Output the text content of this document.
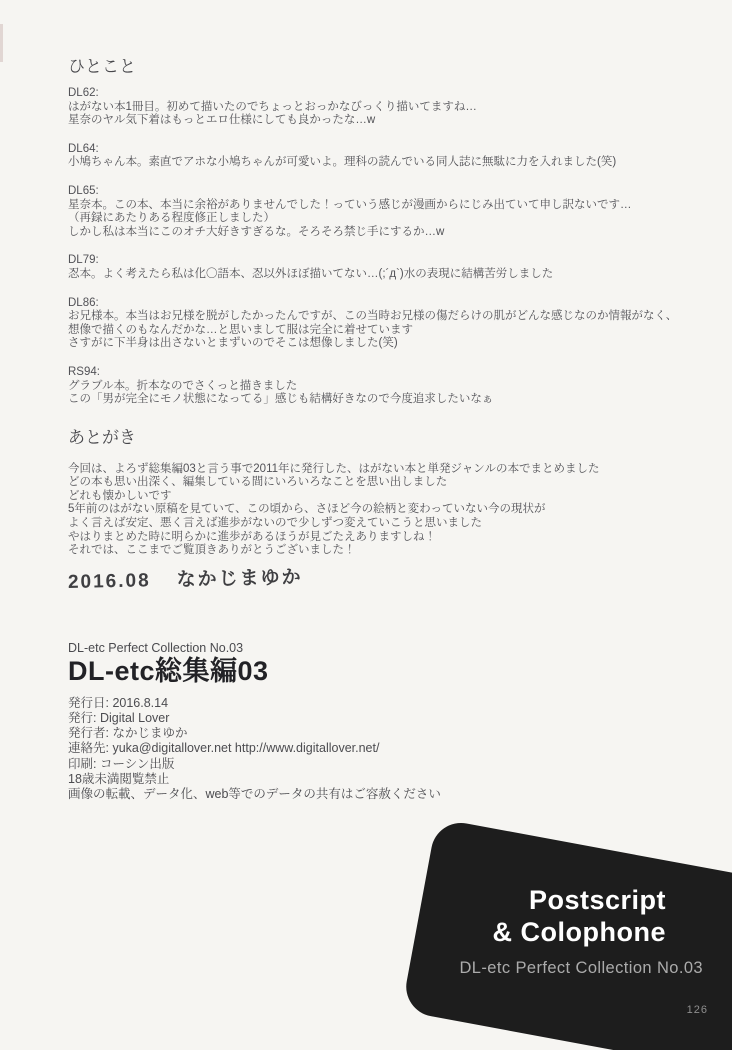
ひとこと
DL62:
はがない本1冊目。初めて描いたのでちょっとおっかなびっくり描いてますね…
星奈のヤル気下着はもっとエロ仕様にしても良かったな…w
DL64:
小鳩ちゃん本。素直でアホな小鳩ちゃんが可愛いよ。理科の読んでいる同人誌に無駄に力を入れました(笑)
DL65:
星奈本。この本、本当に余裕がありませんでした！っていう感じが漫画からにじみ出ていて申し訳ないです…
（再録にあたりある程度修正しました）
しかし私は本当にこのオチ大好きすぎるな。そろそろ禁じ手にするか…w
DL79:
忍本。よく考えたら私は化〇語本、忍以外ほぼ描いてない…(;´д`)水の表現に結構苦労しました
DL86:
お兄様本。本当はお兄様を脱がしたかったんですが、この当時お兄様の傷だらけの肌がどんな感じなのか情報がなく、
想像で描くのもなんだかな…と思いまして服は完全に着せています
さすがに下半身は出さないとまずいのでそこは想像しました(笑)
RS94:
グラブル本。折本なのでさくっと描きました
この「男が完全にモノ状態になってる」感じも結構好きなので今度追求したいなぁ
あとがき
今回は、よろず総集編03と言う事で2011年に発行した、はがない本と単発ジャンルの本でまとめました
どの本も思い出深く、編集している間にいろいろなことを思い出しました
どれも懐かしいです
5年前のはがない原稿を見ていて、この頃から、さほど今の絵柄と変わっていない今の現状が
よく言えば安定、悪く言えば進歩がないので少しずつ変えていこうと思いました
やはりまとめた時に明らかに進歩があるほうが見ごたえありますしね！
それでは、ここまでご覧頂きありがとうございました！
2016.08 なかじまゆか
DL-etc Perfect Collection No.03
DL-etc総集編03
発行日: 2016.8.14
発行: Digital Lover
発行者: なかじまゆか
連絡先: yuka@digitallover.net http://www.digitallover.net/
印刷: コーシン出版
18歳未満閲覧禁止
画像の転載、データ化、web等でのデータの共有はご容赦ください
Postscript
& Colophone
DL-etc Perfect Collection No.03
126
